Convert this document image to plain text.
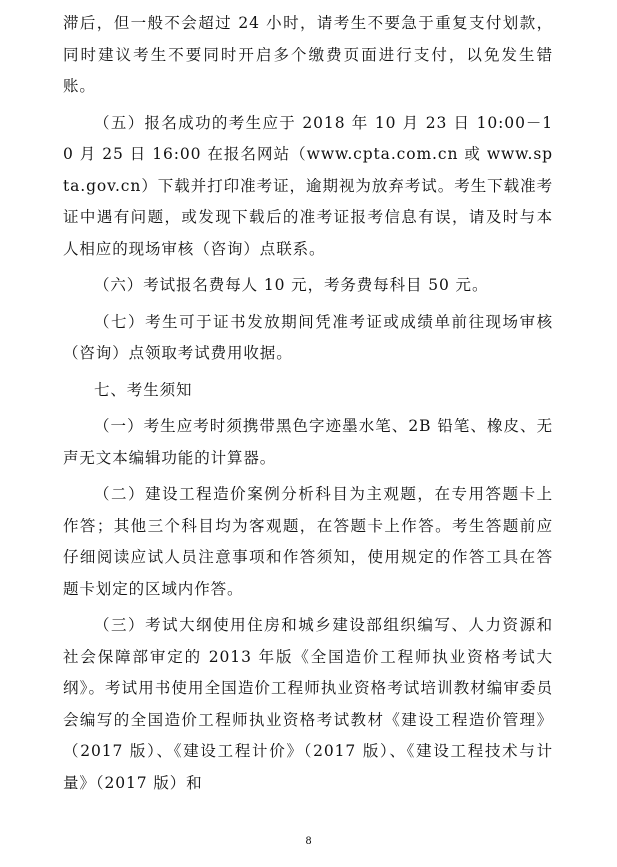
滞后，但一般不会超过 24 小时，请考生不要急于重复支付划款，同时建议考生不要同时开启多个缴费页面进行支付，以免发生错账。

（五）报名成功的考生应于 2018 年 10 月 23 日 10:00－10 月 25 日 16:00 在报名网站（www.cpta.com.cn 或 www.spta.gov.cn）下载并打印准考证，逾期视为放弃考试。考生下载准考证中遇有问题，或发现下载后的准考证报考信息有误，请及时与本人相应的现场审核（咨询）点联系。

（六）考试报名费每人 10 元，考务费每科目 50 元。

（七）考生可于证书发放期间凭准考证或成绩单前往现场审核（咨询）点领取考试费用收据。

七、考生须知

（一）考生应考时须携带黑色字迹墨水笔、2B 铅笔、橡皮、无声无文本编辑功能的计算器。

（二）建设工程造价案例分析科目为主观题，在专用答题卡上作答；其他三个科目均为客观题，在答题卡上作答。考生答题前应仔细阅读应试人员注意事项和作答须知，使用规定的作答工具在答题卡划定的区域内作答。

（三）考试大纲使用住房和城乡建设部组织编写、人力资源和社会保障部审定的 2013 年版《全国造价工程师执业资格考试大纲》。考试用书使用全国造价工程师执业资格考试培训教材编审委员会编写的全国造价工程师执业资格考试教材《建设工程造价管理》（2017 版）、《建设工程计价》（2017 版）、《建设工程技术与计量》（2017 版）和

8
